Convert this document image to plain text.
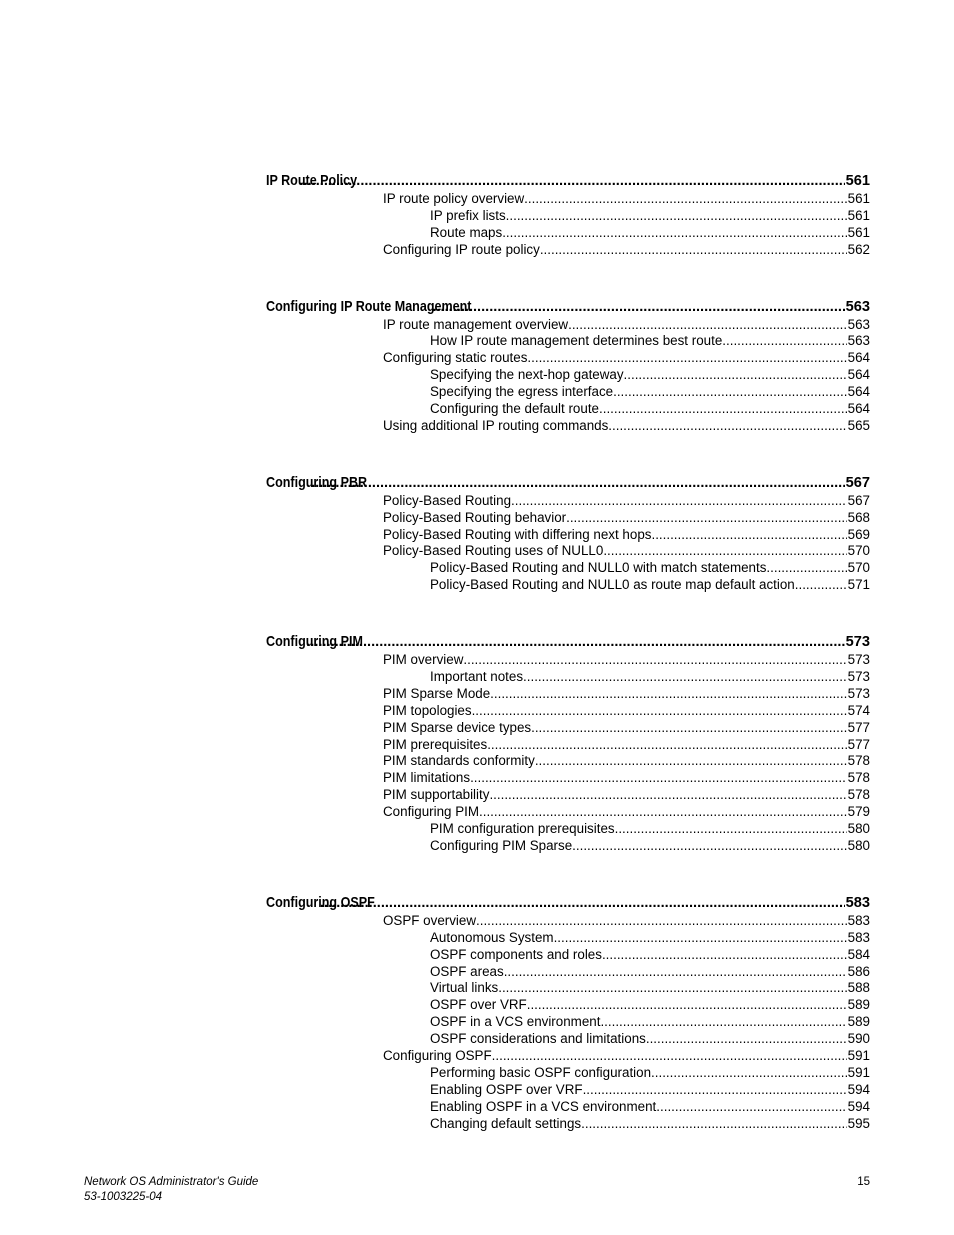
IP Route Policy .....	561
IP route policy overview .....	561
IP prefix lists .....	561
Route maps .....	561
Configuring IP route policy .....	562
Configuring IP Route Management .....	563
IP route management overview .....	563
How IP route management determines best route .....	563
Configuring static routes .....	564
Specifying the next-hop gateway .....	564
Specifying the egress interface .....	564
Configuring the default route .....	564
Using additional IP routing commands .....	565
Configuring PBR .....	567
Policy-Based Routing .....	567
Policy-Based Routing behavior .....	568
Policy-Based Routing with differing next hops .....	569
Policy-Based Routing uses of NULL0 .....	570
Policy-Based Routing and NULL0 with match statements .....	570
Policy-Based Routing and NULL0 as route map default action .....	571
Configuring PIM .....	573
PIM overview .....	573
Important notes .....	573
PIM Sparse Mode .....	573
PIM topologies .....	574
PIM Sparse device types .....	577
PIM prerequisites .....	577
PIM standards conformity .....	578
PIM limitations .....	578
PIM supportability .....	578
Configuring PIM .....	579
PIM configuration prerequisites .....	580
Configuring PIM Sparse .....	580
Configuring OSPF .....	583
OSPF overview .....	583
Autonomous System .....	583
OSPF components and roles .....	584
OSPF areas .....	586
Virtual links .....	588
OSPF over VRF .....	589
OSPF in a VCS environment .....	589
OSPF considerations and limitations .....	590
Configuring OSPF .....	591
Performing basic OSPF configuration .....	591
Enabling OSPF over VRF .....	594
Enabling OSPF in a VCS environment .....	594
Changing default settings .....	595
Network OS Administrator's Guide
53-1003225-04
15
